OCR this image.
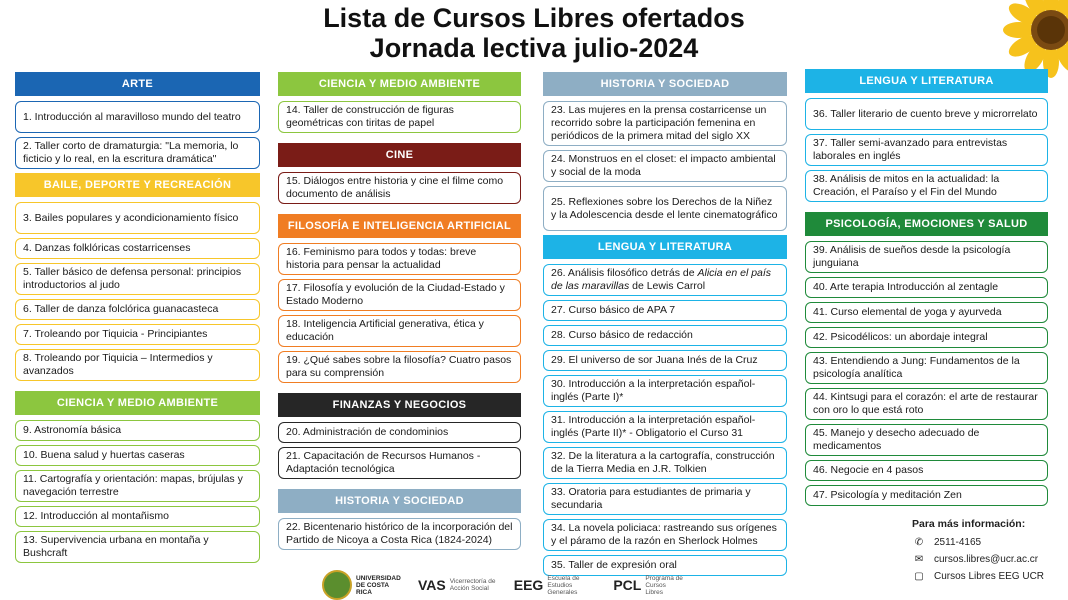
Lista de Cursos Libres ofertados
Jornada lectiva julio-2024
ARTE
1. Introducción al maravilloso mundo del teatro
2. Taller corto de dramaturgia: "La memoria, lo ficticio y lo real, en la escritura dramática"
BAILE, DEPORTE Y RECREACIÓN
3. Bailes populares y acondicionamiento físico
4. Danzas folklóricas costarricenses
5. Taller básico de defensa personal: principios introductorios al judo
6. Taller de danza folclórica guanacasteca
7. Troleando por Tiquicia - Principiantes
8. Troleando por Tiquicia – Intermedios y avanzados
CIENCIA Y MEDIO AMBIENTE
9. Astronomía básica
10. Buena salud y huertas caseras
11. Cartografía y orientación: mapas, brújulas y navegación terrestre
12. Introducción al montañismo
13. Supervivencia urbana en montaña y Bushcraft
CIENCIA Y MEDIO AMBIENTE
14. Taller de construcción de figuras geométricas con tiritas de papel
CINE
15. Diálogos entre historia y cine el filme como documento de análisis
FILOSOFÍA E INTELIGENCIA ARTIFICIAL
16. Feminismo para todos y todas: breve historia para pensar la actualidad
17. Filosofía y evolución de la Ciudad-Estado y Estado Moderno
18. Inteligencia Artificial generativa, ética y educación
19. ¿Qué sabes sobre la filosofía? Cuatro pasos para su comprensión
FINANZAS Y NEGOCIOS
20. Administración de condominios
21. Capacitación de Recursos Humanos - Adaptación tecnológica
HISTORIA Y SOCIEDAD
22. Bicentenario histórico de la incorporación del Partido de Nicoya a Costa Rica (1824-2024)
HISTORIA Y SOCIEDAD
23. Las mujeres en la prensa costarricense un recorrido sobre la participación femenina en periódicos de la primera mitad del siglo XX
24. Monstruos en el closet: el impacto ambiental y social de la moda
25. Reflexiones sobre los Derechos de la Niñez y la Adolescencia desde el lente cinematográfico
LENGUA Y LITERATURA
26. Análisis filosófico detrás de Alicia en el país de las maravillas de Lewis Carrol
27. Curso básico de APA 7
28. Curso básico de redacción
29. El universo de sor Juana Inés de la Cruz
30. Introducción a la interpretación español-inglés (Parte I)*
31. Introducción a la interpretación español-inglés (Parte II)* - Obligatorio el Curso 31
32. De la literatura a la cartografía, construcción de la Tierra Media en J.R. Tolkien
33. Oratoria para estudiantes de primaria y secundaria
34. La novela policiaca: rastreando sus orígenes y el páramo de la razón en Sherlock Holmes
35. Taller de expresión oral
LENGUA Y LITERATURA
36. Taller literario de cuento breve y microrrelato
37. Taller semi-avanzado para entrevistas laborales en inglés
38. Análisis de mitos en la actualidad: la Creación, el Paraíso y el Fin del Mundo
PSICOLOGÍA, EMOCIONES Y SALUD
39. Análisis de sueños desde la psicología junguiana
40. Arte terapia Introducción al zentagle
41. Curso elemental de yoga y ayurveda
42. Psicodélicos: un abordaje integral
43. Entendiendo a Jung: Fundamentos de la psicología analítica
44. Kintsugi para el corazón: el arte de restaurar con oro lo que está roto
45. Manejo y desecho adecuado de medicamentos
46. Negocie en 4 pasos
47. Psicología y meditación Zen
Para más información:
✆ 2511-4165
✉ cursos.libres@ucr.ac.cr
▢ Cursos Libres EEG UCR
UNIVERSIDAD DE COSTA RICA	VAS Vicerrectoría de Acción Social	EEG Escuela de Estudios Generales	PCL Programa de Cursos Libres
